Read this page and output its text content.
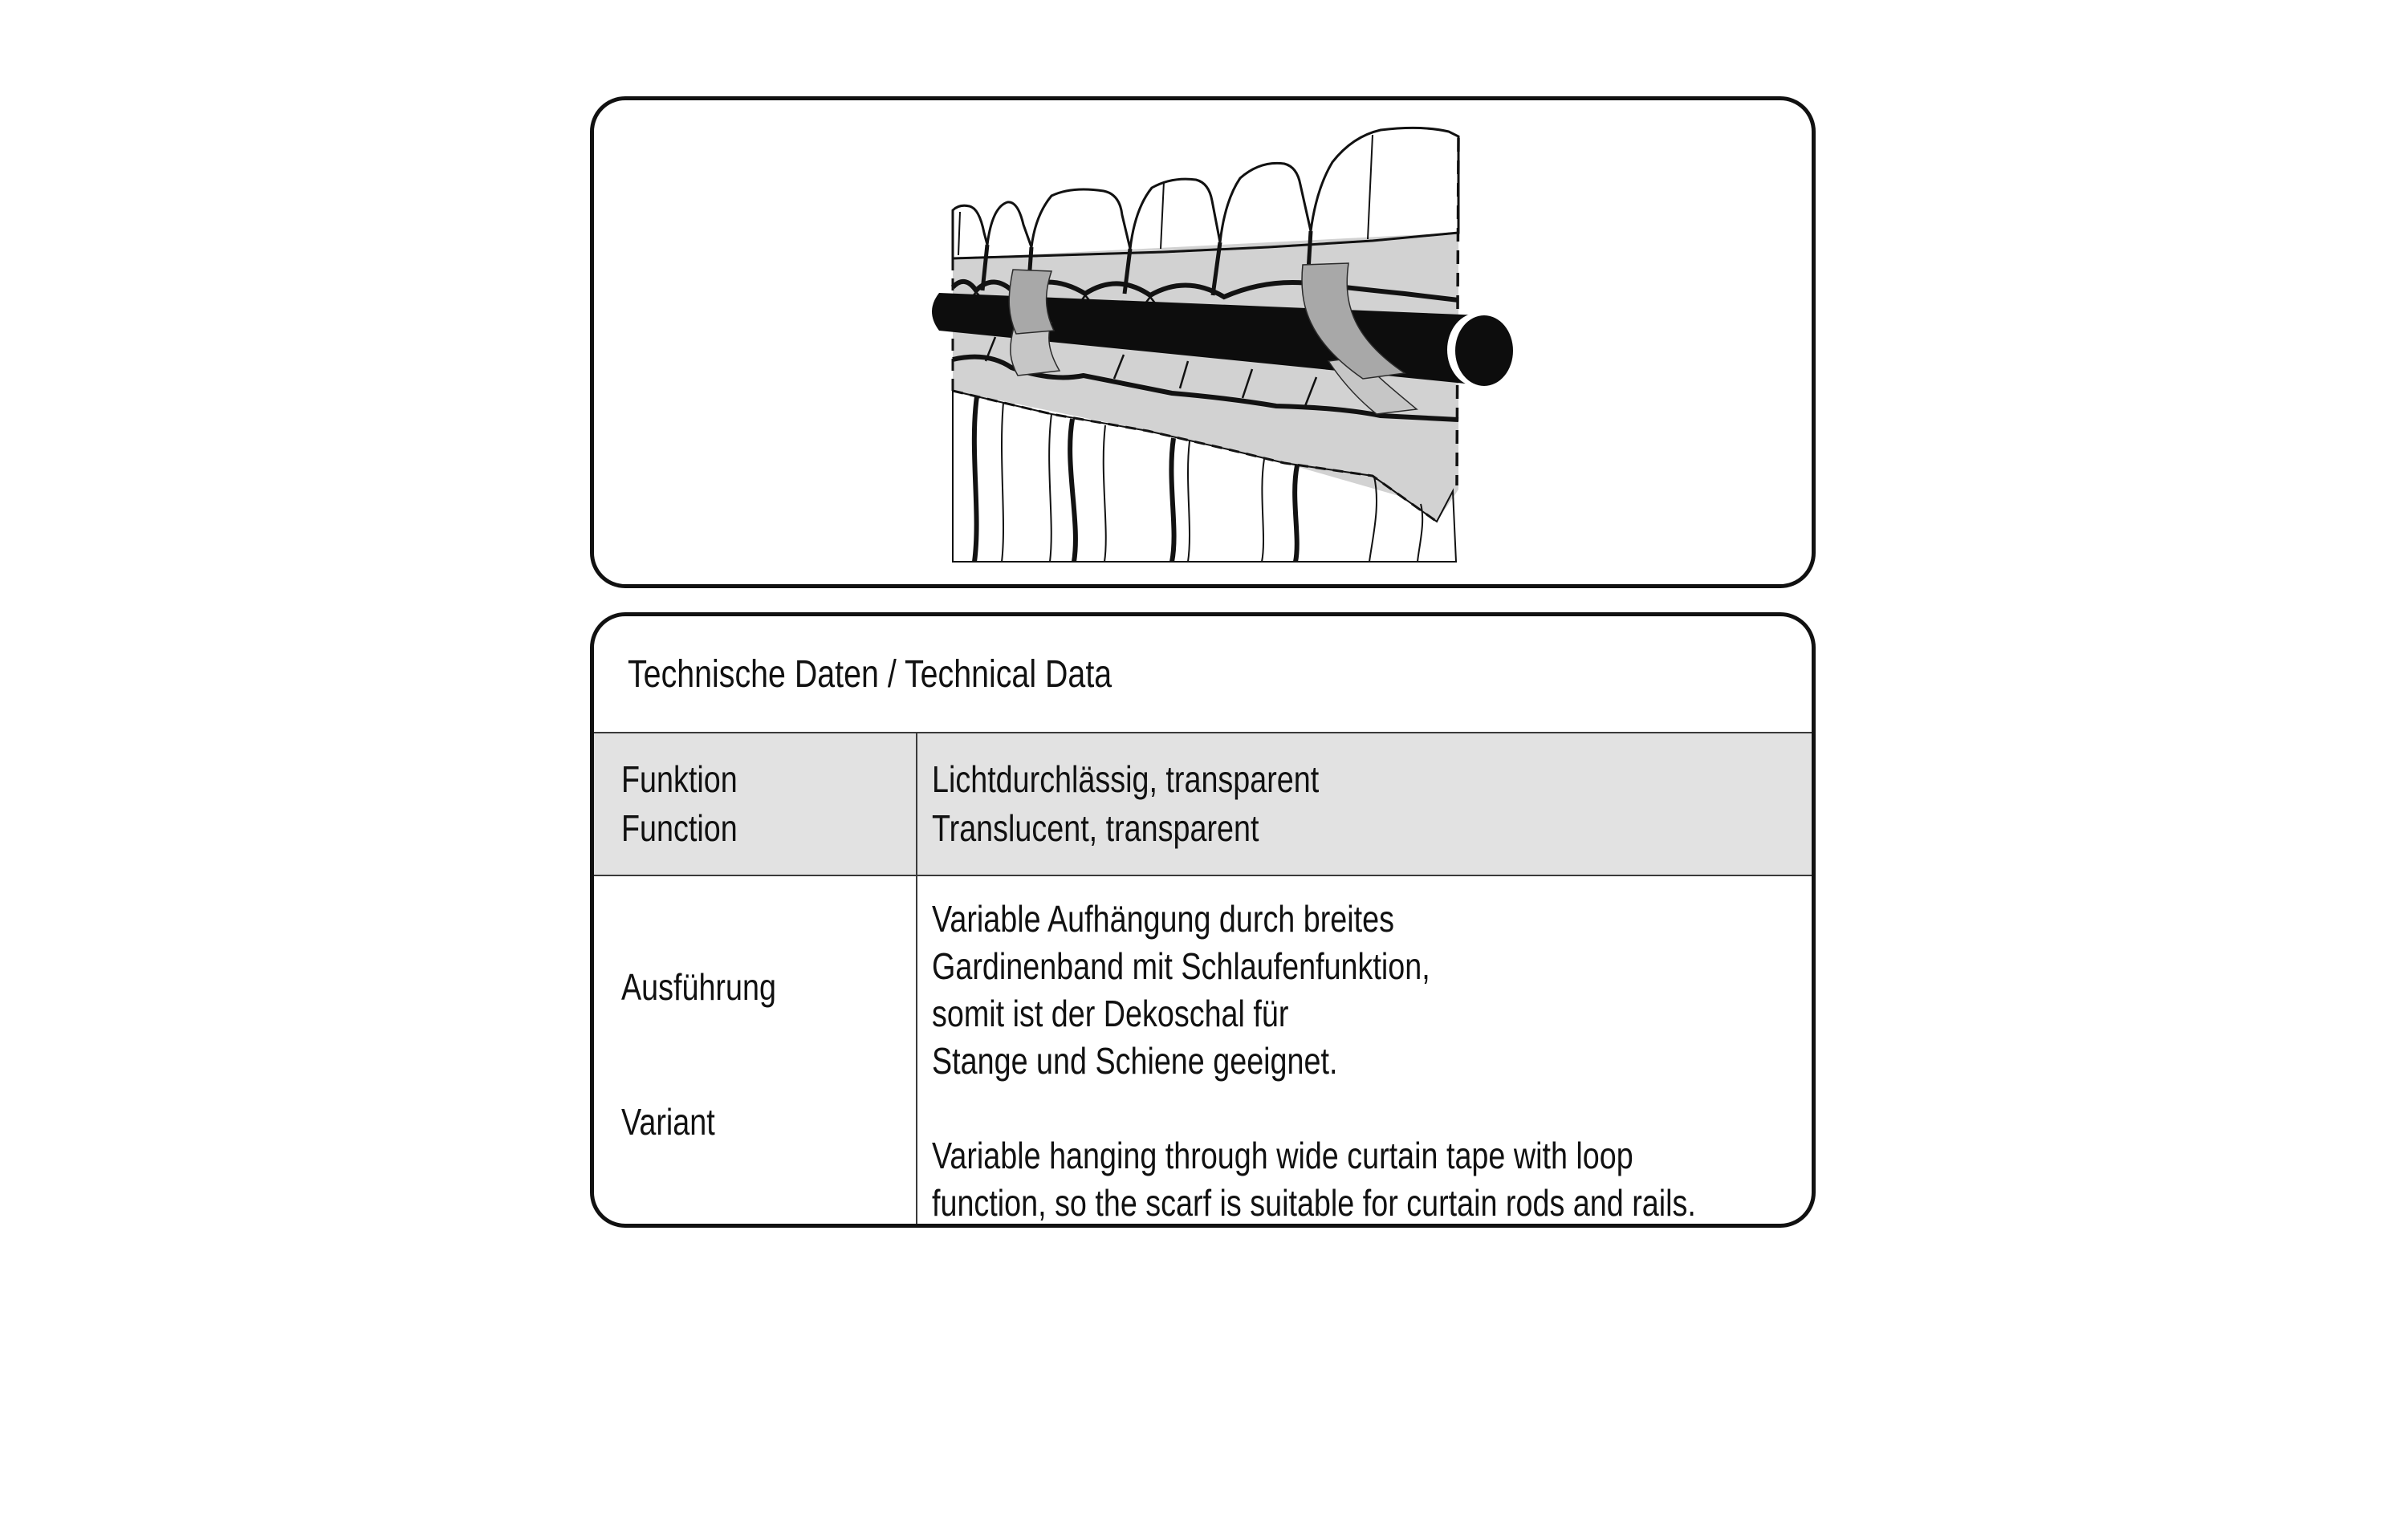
Technische Daten / Technical Data
Funktion
Function
Lichtdurchlässig, transparent
Translucent, transparent
Ausführung
Variant
Variable Aufhängung durch breites
Gardinenband mit Schlaufenfunktion,
somit ist der Dekoschal für
Stange und Schiene geeignet.

Variable hanging through wide curtain tape with loop
function, so the scarf is suitable for curtain rods and rails.
